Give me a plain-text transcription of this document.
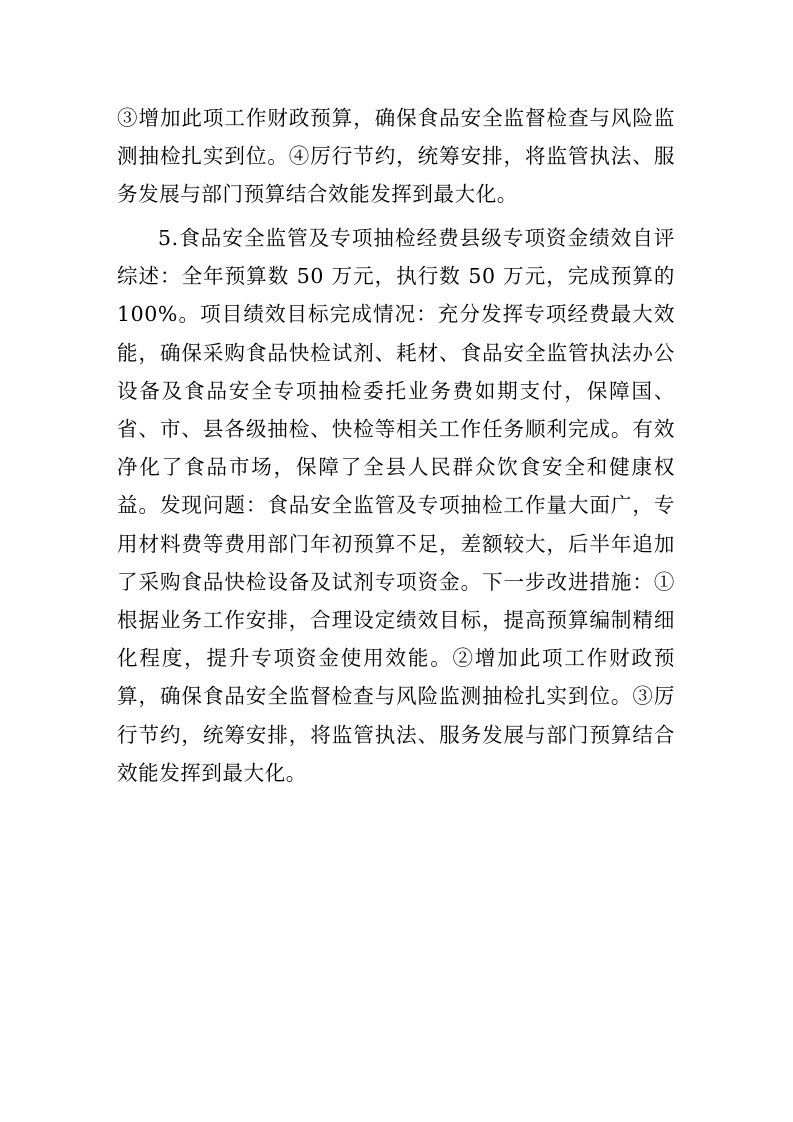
③增加此项工作财政预算，确保食品安全监督检查与风险监测抽检扎实到位。④厉行节约，统筹安排，将监管执法、服务发展与部门预算结合效能发挥到最大化。

5.食品安全监管及专项抽检经费县级专项资金绩效自评综述：全年预算数 50 万元，执行数 50 万元，完成预算的 100%。项目绩效目标完成情况：充分发挥专项经费最大效能，确保采购食品快检试剂、耗材、食品安全监管执法办公设备及食品安全专项抽检委托业务费如期支付，保障国、省、市、县各级抽检、快检等相关工作任务顺利完成。有效净化了食品市场，保障了全县人民群众饮食安全和健康权益。发现问题：食品安全监管及专项抽检工作量大面广，专用材料费等费用部门年初预算不足，差额较大，后半年追加了采购食品快检设备及试剂专项资金。下一步改进措施：①根据业务工作安排，合理设定绩效目标，提高预算编制精细化程度，提升专项资金使用效能。②增加此项工作财政预算，确保食品安全监督检查与风险监测抽检扎实到位。③厉行节约，统筹安排，将监管执法、服务发展与部门预算结合效能发挥到最大化。
